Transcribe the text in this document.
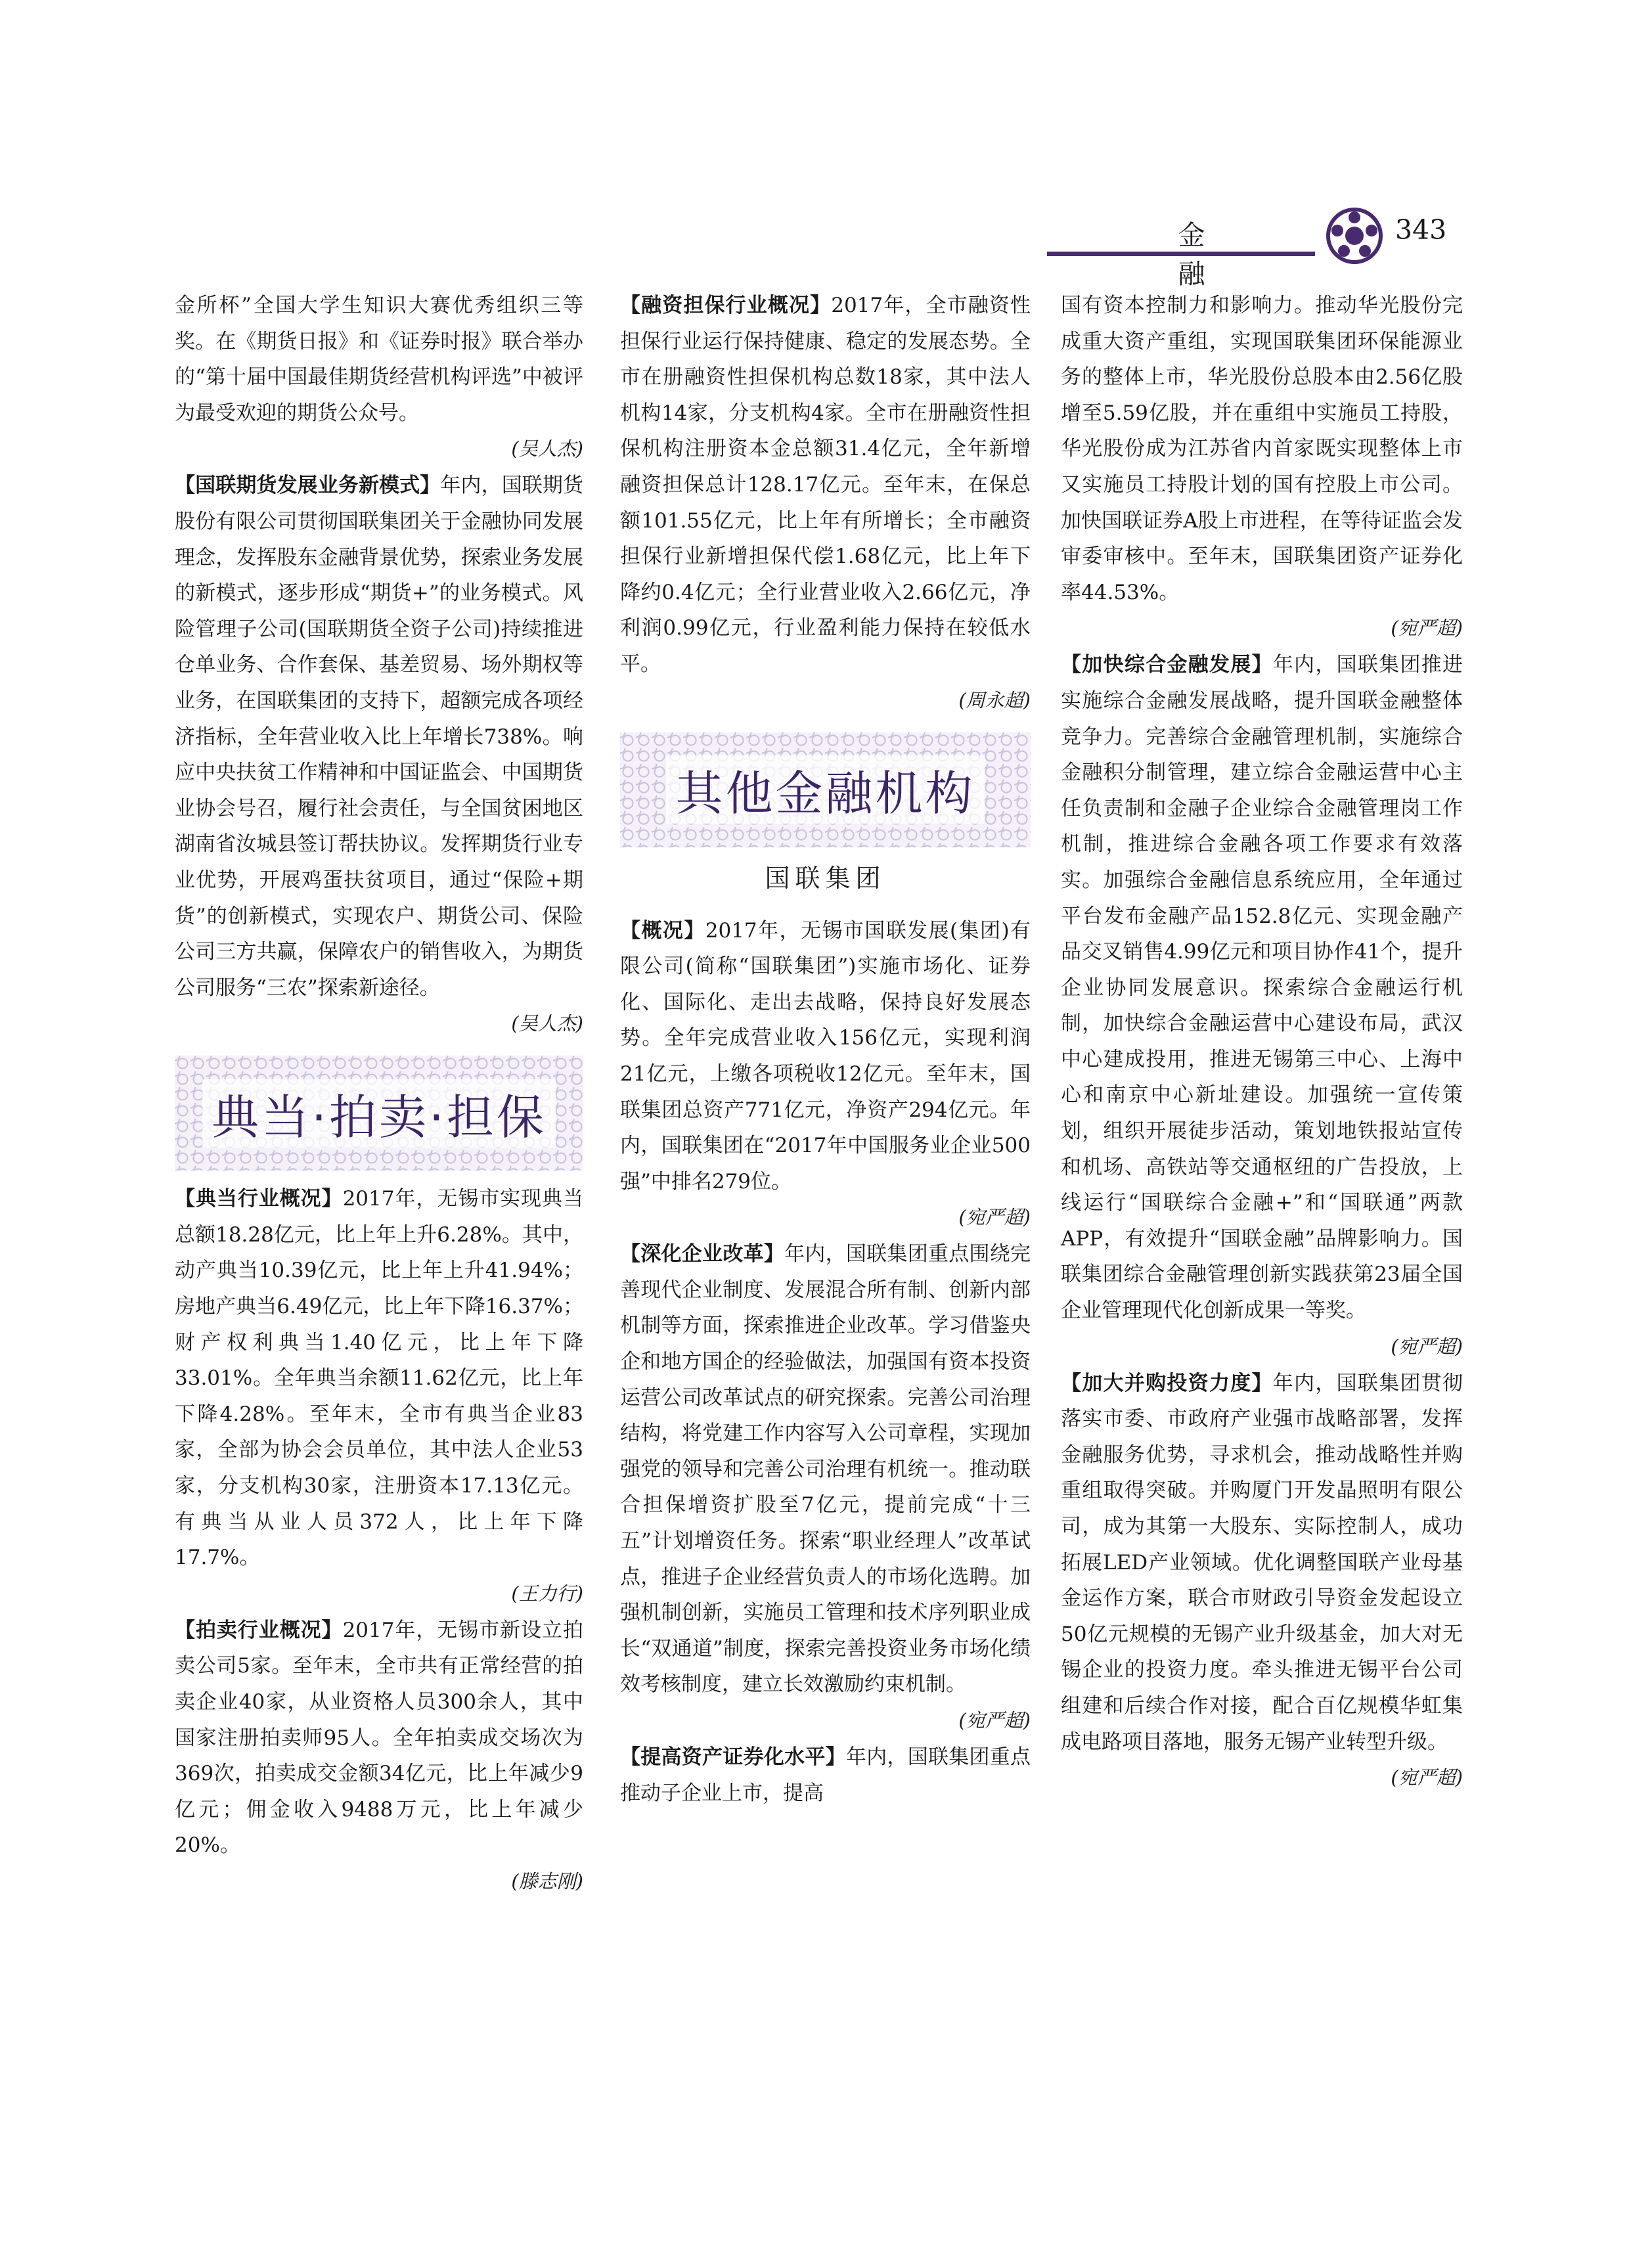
金 融
343

金所杯”全国大学生知识大赛优秀组织三等奖。在《期货日报》和《证券时报》联合举办的“第十届中国最佳期货经营机构评选”中被评为最受欢迎的期货公众号。

(吴人杰)

【国联期货发展业务新模式】年内，国联期货股份有限公司贯彻国联集团关于金融协同发展理念，发挥股东金融背景优势，探索业务发展的新模式，逐步形成“期货+”的业务模式。风险管理子公司(国联期货全资子公司)持续推进仓单业务、合作套保、基差贸易、场外期权等业务，在国联集团的支持下，超额完成各项经济指标，全年营业收入比上年增长738%。响应中央扶贫工作精神和中国证监会、中国期货业协会号召，履行社会责任，与全国贫困地区湖南省汝城县签订帮扶协议。发挥期货行业专业优势，开展鸡蛋扶贫项目，通过“保险+期货”的创新模式，实现农户、期货公司、保险公司三方共赢，保障农户的销售收入，为期货公司服务“三农”探索新途径。

(吴人杰)

典当·拍卖·担保

【典当行业概况】2017年，无锡市实现典当总额18.28亿元，比上年上升6.28%。其中，动产典当10.39亿元，比上年上升41.94%；房地产典当6.49亿元，比上年下降16.37%；财产权利典当1.40亿元，比上年下降33.01%。全年典当余额11.62亿元，比上年下降4.28%。至年末，全市有典当企业83家，全部为协会会员单位，其中法人企业53家，分支机构30家，注册资本17.13亿元。有典当从业人员372人，比上年下降17.7%。

(王力行)

【拍卖行业概况】2017年，无锡市新设立拍卖公司5家。至年末，全市共有正常经营的拍卖企业40家，从业资格人员300余人，其中国家注册拍卖师95人。全年拍卖成交场次为369次，拍卖成交金额34亿元，比上年减少9亿元；佣金收入9488万元，比上年减少20%。

(滕志刚)

【融资担保行业概况】2017年，全市融资性担保行业运行保持健康、稳定的发展态势。全市在册融资性担保机构总数18家，其中法人机构14家，分支机构4家。全市在册融资性担保机构注册资本金总额31.4亿元，全年新增融资担保总计128.17亿元。至年末，在保总额101.55亿元，比上年有所增长；全市融资担保行业新增担保代偿1.68亿元，比上年下降约0.4亿元；全行业营业收入2.66亿元，净利润0.99亿元，行业盈利能力保持在较低水平。

(周永超)

其他金融机构
国联集团

【概况】2017年，无锡市国联发展(集团)有限公司(简称“国联集团”)实施市场化、证券化、国际化、走出去战略，保持良好发展态势。全年完成营业收入156亿元，实现利润21亿元，上缴各项税收12亿元。至年末，国联集团总资产771亿元，净资产294亿元。年内，国联集团在“2017年中国服务业企业500强”中排名279位。

(宛严超)

【深化企业改革】年内，国联集团重点围绕完善现代企业制度、发展混合所有制、创新内部机制等方面，探索推进企业改革。学习借鉴央企和地方国企的经验做法，加强国有资本投资运营公司改革试点的研究探索。完善公司治理结构，将党建工作内容写入公司章程，实现加强党的领导和完善公司治理有机统一。推动联合担保增资扩股至7亿元，提前完成“十三五”计划增资任务。探索“职业经理人”改革试点，推进子企业经营负责人的市场化选聘。加强机制创新，实施员工管理和技术序列职业成长“双通道”制度，探索完善投资业务市场化绩效考核制度，建立长效激励约束机制。

(宛严超)

【提高资产证券化水平】年内，国联集团重点推动子企业上市，提高

国有资本控制力和影响力。推动华光股份完成重大资产重组，实现国联集团环保能源业务的整体上市，华光股份总股本由2.56亿股增至5.59亿股，并在重组中实施员工持股，华光股份成为江苏省内首家既实现整体上市又实施员工持股计划的国有控股上市公司。加快国联证券A股上市进程，在等待证监会发审委审核中。至年末，国联集团资产证券化率44.53%。

(宛严超)

【加快综合金融发展】年内，国联集团推进实施综合金融发展战略，提升国联金融整体竞争力。完善综合金融管理机制，实施综合金融积分制管理，建立综合金融运营中心主任负责制和金融子企业综合金融管理岗工作机制，推进综合金融各项工作要求有效落实。加强综合金融信息系统应用，全年通过平台发布金融产品152.8亿元、实现金融产品交叉销售4.99亿元和项目协作41个，提升企业协同发展意识。探索综合金融运行机制，加快综合金融运营中心建设布局，武汉中心建成投用，推进无锡第三中心、上海中心和南京中心新址建设。加强统一宣传策划，组织开展徒步活动，策划地铁报站宣传和机场、高铁站等交通枢纽的广告投放，上线运行“国联综合金融+”和“国联通”两款APP，有效提升“国联金融”品牌影响力。国联集团综合金融管理创新实践获第23届全国企业管理现代化创新成果一等奖。

(宛严超)

【加大并购投资力度】年内，国联集团贯彻落实市委、市政府产业强市战略部署，发挥金融服务优势，寻求机会，推动战略性并购重组取得突破。并购厦门开发晶照明有限公司，成为其第一大股东、实际控制人，成功拓展LED产业领域。优化调整国联产业母基金运作方案，联合市财政引导资金发起设立50亿元规模的无锡产业升级基金，加大对无锡企业的投资力度。牵头推进无锡平台公司组建和后续合作对接，配合百亿规模华虹集成电路项目落地，服务无锡产业转型升级。

(宛严超)
